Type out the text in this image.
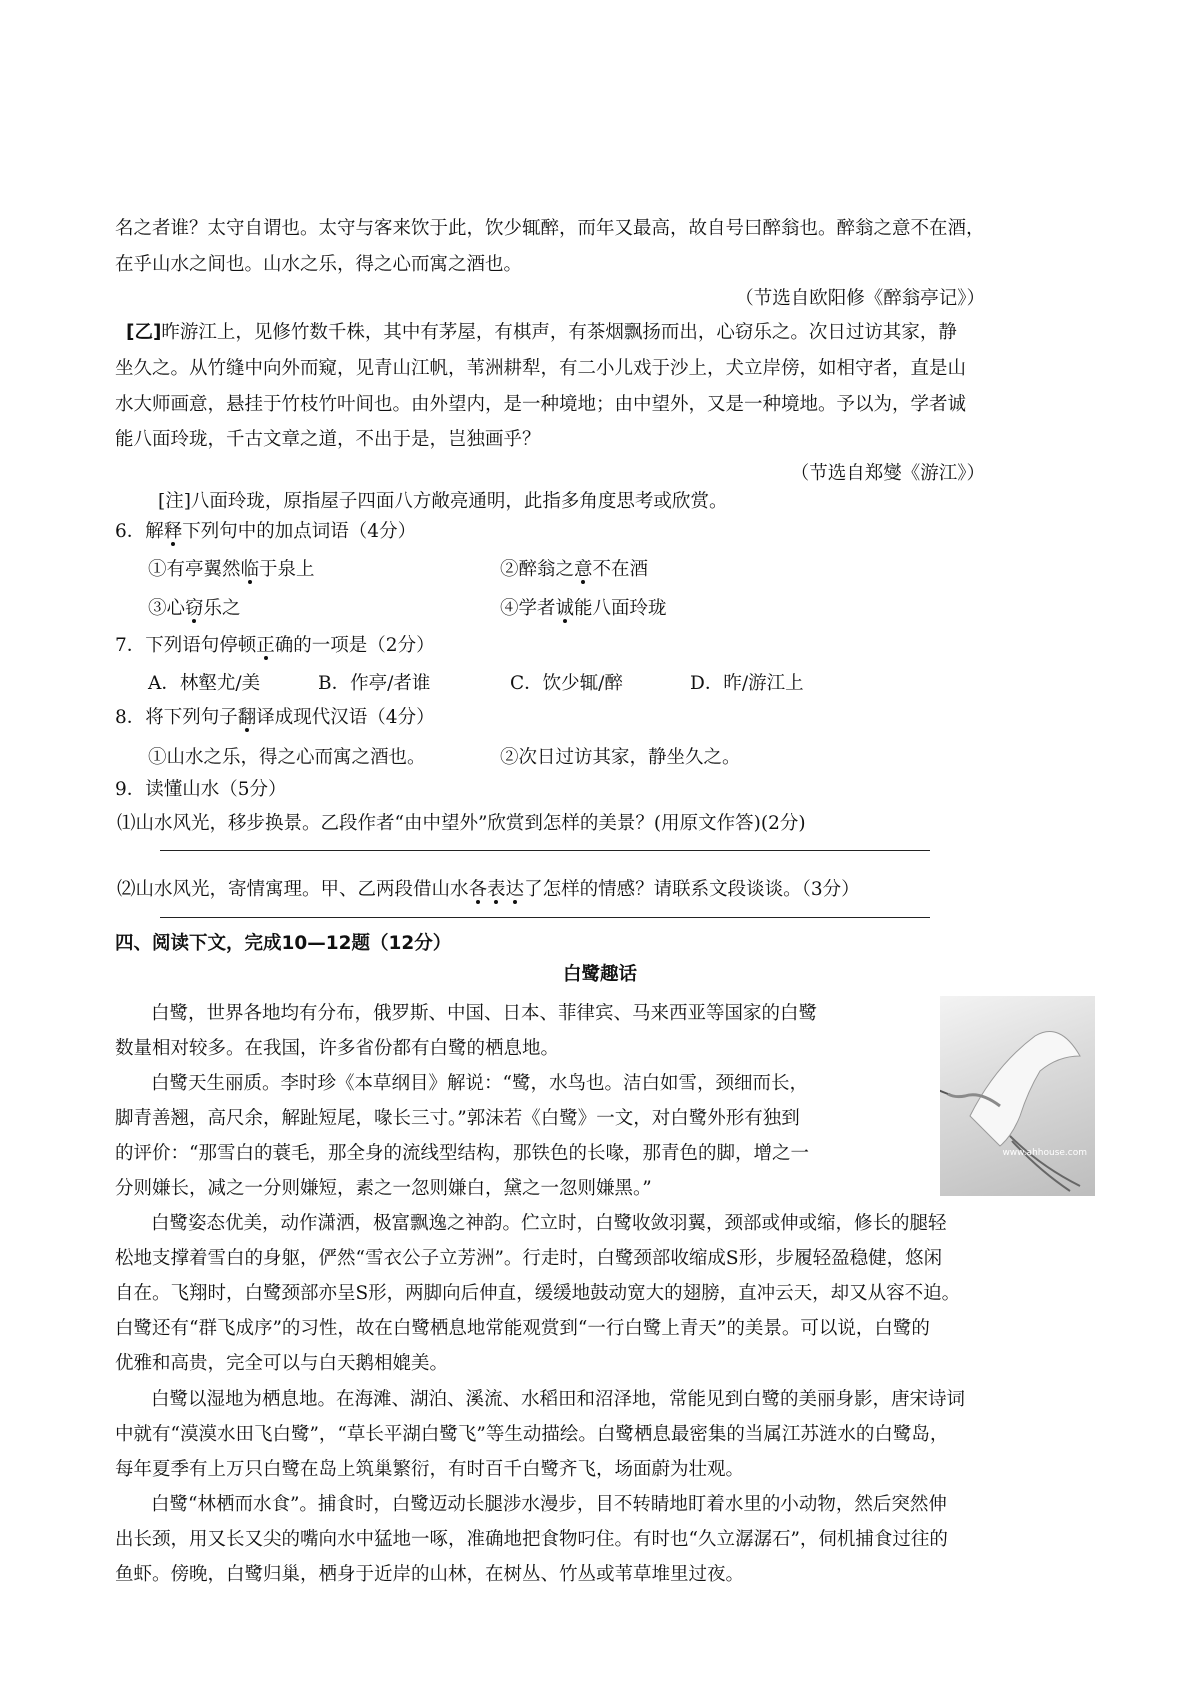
名之者谁？太守自谓也。太守与客来饮于此，饮少辄醉，而年又最高，故自号曰醉翁也。醉翁之意不在酒，
在乎山水之间也。山水之乐，得之心而寓之酒也。
（节选自欧阳修《醉翁亭记》）
[乙]昨游江上，见修竹数千株，其中有茅屋，有棋声，有茶烟飘扬而出，心窃乐之。次日过访其家，静
坐久之。从竹缝中向外而窥，见青山江帆，苇洲耕犁，有二小儿戏于沙上，犬立岸傍，如相守者，直是山
水大师画意，悬挂于竹枝竹叶间也。由外望内，是一种境地；由中望外，又是一种境地。予以为，学者诚
能八面玲珑，千古文章之道，不出于是，岂独画乎？
（节选自郑燮《游江》）
[注]八面玲珑，原指屋子四面八方敞亮通明，此指多角度思考或欣赏。
6．解释下列句中的加点词语（4分）
①有亭翼然临于泉上	②醉翁之意不在酒
③心窃乐之	④学者诚能八面玲珑
7．下列语句停顿正确的一项是（2分）
A．林壑尤/美	B．作亭/者谁	C．饮少辄/醉	D．昨/游江上
8．将下列句子翻译成现代汉语（4分）
①山水之乐，得之心而寓之酒也。	②次日过访其家，静坐久之。
9．读懂山水（5分）
⑴山水风光，移步换景。乙段作者“由中望外”欣赏到怎样的美景？(用原文作答)(2分)
⑵山水风光，寄情寓理。甲、乙两段借山水各表达了怎样的情感？请联系文段谈谈。（3分）
四、阅读下文，完成10—12题（12分）
白鹭趣话
www.ahhouse.com
白鹭，世界各地均有分布，俄罗斯、中国、日本、菲律宾、马来西亚等国家的白鹭
数量相对较多。在我国，许多省份都有白鹭的栖息地。
白鹭天生丽质。李时珍《本草纲目》解说：“鹭，水鸟也。洁白如雪，颈细而长，
脚青善翘，高尺余，解趾短尾，喙长三寸。”郭沫若《白鹭》一文，对白鹭外形有独到
的评价：“那雪白的蓑毛，那全身的流线型结构，那铁色的长喙，那青色的脚，增之一
分则嫌长，减之一分则嫌短，素之一忽则嫌白，黛之一忽则嫌黑。”
白鹭姿态优美，动作潇洒，极富飘逸之神韵。伫立时，白鹭收敛羽翼，颈部或伸或缩，修长的腿轻
松地支撑着雪白的身躯，俨然“雪衣公子立芳洲”。行走时，白鹭颈部收缩成S形，步履轻盈稳健，悠闲
自在。飞翔时，白鹭颈部亦呈S形，两脚向后伸直，缓缓地鼓动宽大的翅膀，直冲云天，却又从容不迫。
白鹭还有“群飞成序”的习性，故在白鹭栖息地常能观赏到“一行白鹭上青天”的美景。可以说，白鹭的
优雅和高贵，完全可以与白天鹅相媲美。
白鹭以湿地为栖息地。在海滩、湖泊、溪流、水稻田和沼泽地，常能见到白鹭的美丽身影，唐宋诗词
中就有“漠漠水田飞白鹭”，“草长平湖白鹭飞”等生动描绘。白鹭栖息最密集的当属江苏涟水的白鹭岛，
每年夏季有上万只白鹭在岛上筑巢繁衍，有时百千白鹭齐飞，场面蔚为壮观。
白鹭“林栖而水食”。捕食时，白鹭迈动长腿涉水漫步，目不转睛地盯着水里的小动物，然后突然伸
出长颈，用又长又尖的嘴向水中猛地一啄，准确地把食物叼住。有时也“久立潺潺石”，伺机捕食过往的
鱼虾。傍晚，白鹭归巢，栖身于近岸的山林，在树丛、竹丛或苇草堆里过夜。
